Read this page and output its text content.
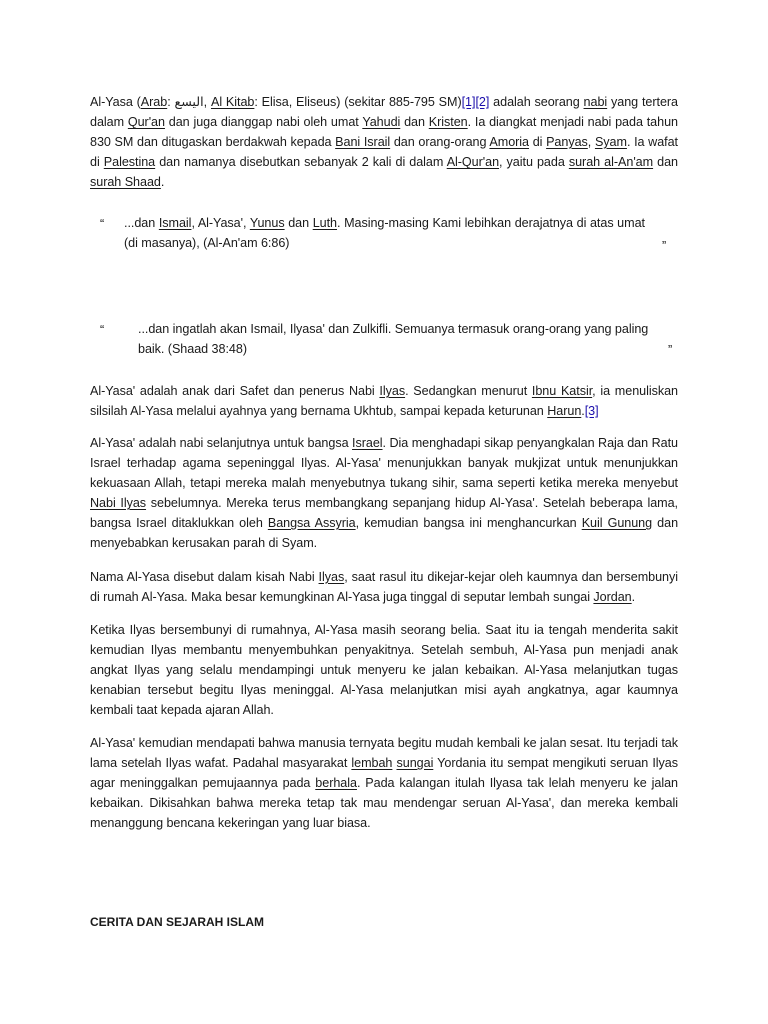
Al-Yasa (Arab: اليسع, Al Kitab: Elisa, Eliseus) (sekitar 885-795 SM)[1][2] adalah seorang nabi yang tertera dalam Qur'an dan juga dianggap nabi oleh umat Yahudi dan Kristen. Ia diangkat menjadi nabi pada tahun 830 SM dan ditugaskan berdakwah kepada Bani Israil dan orang-orang Amoria di Panyas, Syam. Ia wafat di Palestina dan namanya disebutkan sebanyak 2 kali di dalam Al-Qur'an, yaitu pada surah al-An'am dan surah Shaad.

“ ...dan Ismail, Al-Yasa', Yunus dan Luth. Masing-masing Kami lebihkan derajatnya di atas umat (di masanya), (Al-An'am 6:86)	”
“	...dan ingatlah akan Ismail, Ilyasa' dan Zulkifli. Semuanya termasuk orang-orang yang paling baik. (Shaad 38:48)	”

Al-Yasa' adalah anak dari Safet dan penerus Nabi Ilyas. Sedangkan menurut Ibnu Katsir, ia menuliskan silsilah Al-Yasa melalui ayahnya yang bernama Ukhtub, sampai kepada keturunan Harun.[3]

Al-Yasa' adalah nabi selanjutnya untuk bangsa Israel. Dia menghadapi sikap penyangkalan Raja dan Ratu Israel terhadap agama sepeninggal Ilyas. Al-Yasa' menunjukkan banyak mukjizat untuk menunjukkan kekuasaan Allah, tetapi mereka malah menyebutnya tukang sihir, sama seperti ketika mereka menyebut Nabi Ilyas sebelumnya. Mereka terus membangkang sepanjang hidup Al-Yasa'. Setelah beberapa lama, bangsa Israel ditaklukkan oleh Bangsa Assyria, kemudian bangsa ini menghancurkan Kuil Gunung dan menyebabkan kerusakan parah di Syam.

Nama Al-Yasa disebut dalam kisah Nabi Ilyas, saat rasul itu dikejar-kejar oleh kaumnya dan bersembunyi di rumah Al-Yasa. Maka besar kemungkinan Al-Yasa juga tinggal di seputar lembah sungai Jordan.

Ketika Ilyas bersembunyi di rumahnya, Al-Yasa masih seorang belia. Saat itu ia tengah menderita sakit kemudian Ilyas membantu menyembuhkan penyakitnya. Setelah sembuh, Al-Yasa pun menjadi anak angkat Ilyas yang selalu mendampingi untuk menyeru ke jalan kebaikan. Al-Yasa melanjutkan tugas kenabian tersebut begitu Ilyas meninggal. Al-Yasa melanjutkan misi ayah angkatnya, agar kaumnya kembali taat kepada ajaran Allah.

Al-Yasa' kemudian mendapati bahwa manusia ternyata begitu mudah kembali ke jalan sesat. Itu terjadi tak lama setelah Ilyas wafat. Padahal masyarakat lembah sungai Yordania itu sempat mengikuti seruan Ilyas agar meninggalkan pemujaannya pada berhala. Pada kalangan itulah Ilyasa tak lelah menyeru ke jalan kebaikan. Dikisahkan bahwa mereka tetap tak mau mendengar seruan Al-Yasa', dan mereka kembali menanggung bencana kekeringan yang luar biasa.

CERITA DAN SEJARAH ISLAM
